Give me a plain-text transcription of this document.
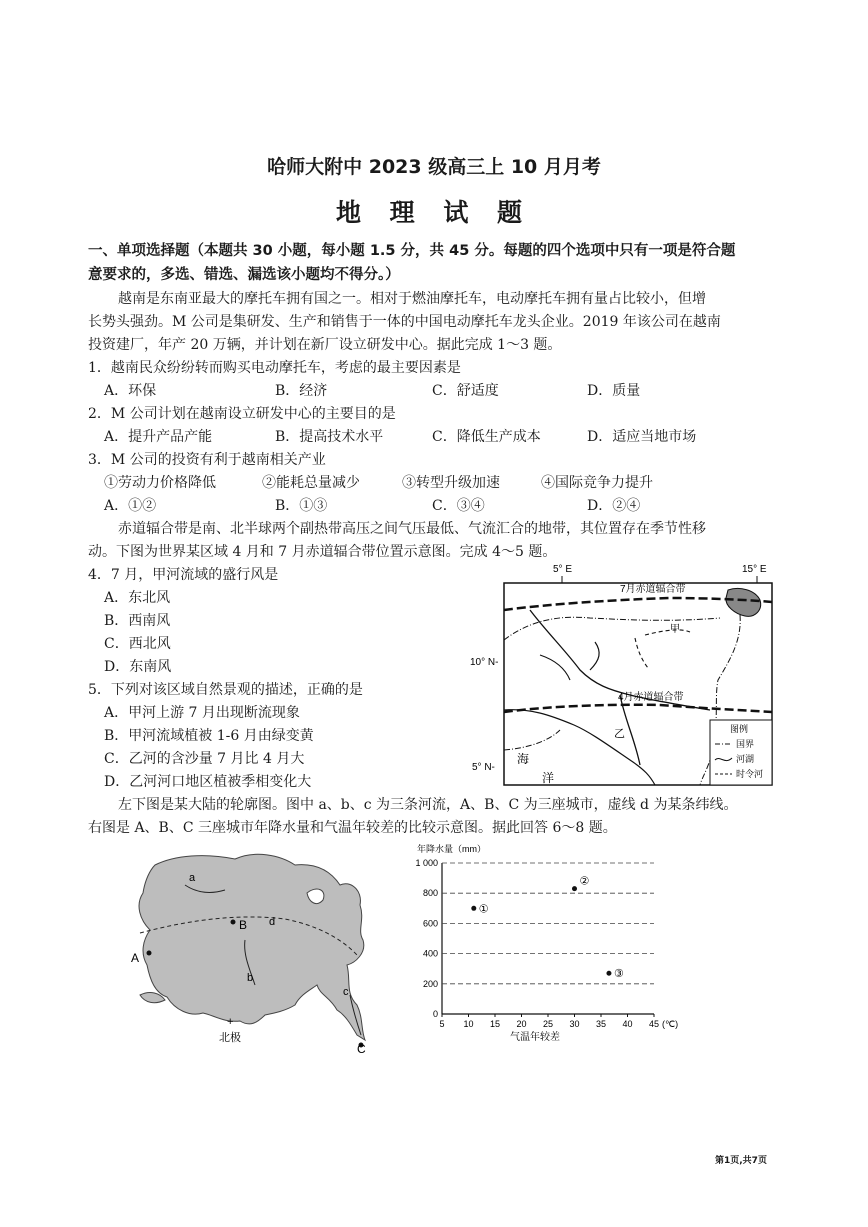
哈师大附中 2023 级高三上 10 月月考
地 理 试 题
一、单项选择题（本题共 30 小题，每小题 1.5 分，共 45 分。每题的四个选项中只有一项是符合题
意要求的，多选、错选、漏选该小题均不得分。）
越南是东南亚最大的摩托车拥有国之一。相对于燃油摩托车，电动摩托车拥有量占比较小，但增
长势头强劲。M 公司是集研发、生产和销售于一体的中国电动摩托车龙头企业。2019 年该公司在越南
投资建厂，年产 20 万辆，并计划在新厂设立研发中心。据此完成 1～3 题。
1．越南民众纷纷转而购买电动摩托车，考虑的最主要因素是
A．环保	B．经济	C．舒适度	D．质量
2．M 公司计划在越南设立研发中心的主要目的是
A．提升产品产能	B．提高技术水平	C．降低生产成本	D．适应当地市场
3．M 公司的投资有利于越南相关产业
①劳动力价格降低	②能耗总量减少	③转型升级加速	④国际竞争力提升
A．①②	B．①③	C．③④	D．②④
赤道辐合带是南、北半球两个副热带高压之间气压最低、气流汇合的地带，其位置存在季节性移
动。下图为世界某区域 4 月和 7 月赤道辐合带位置示意图。完成 4～5 题。
4．7 月，甲河流域的盛行风是
A．东北风
B．西南风
C．西北风
D．东南风
5．下列对该区域自然景观的描述，正确的是
A．甲河上游 7 月出现断流现象
B．甲河流域植被 1-6 月由绿变黄
C．乙河的含沙量 7 月比 4 月大
D．乙河河口地区植被季相变化大
5° E	15° E
10° N-
5° N-
7月赤道辐合带
4月赤道辐合带
甲
乙
海
洋
图例
国界
河湖
时令河
左下图是某大陆的轮廓图。图中 a、b、c 为三条河流，A、B、C 为三座城市，虚线 d 为某条纬线。
右图是 A、B、C 三座城市年降水量和气温年较差的比较示意图。据此回答 6～8 题。
A
B
C
a
b
c
d
+
北极
年降水量（mm）
1 000
800
600
400
200
0
5 10 15 20 25 30 35 40 45
①
②
③
(℃)
气温年较差
第1页,共7页
